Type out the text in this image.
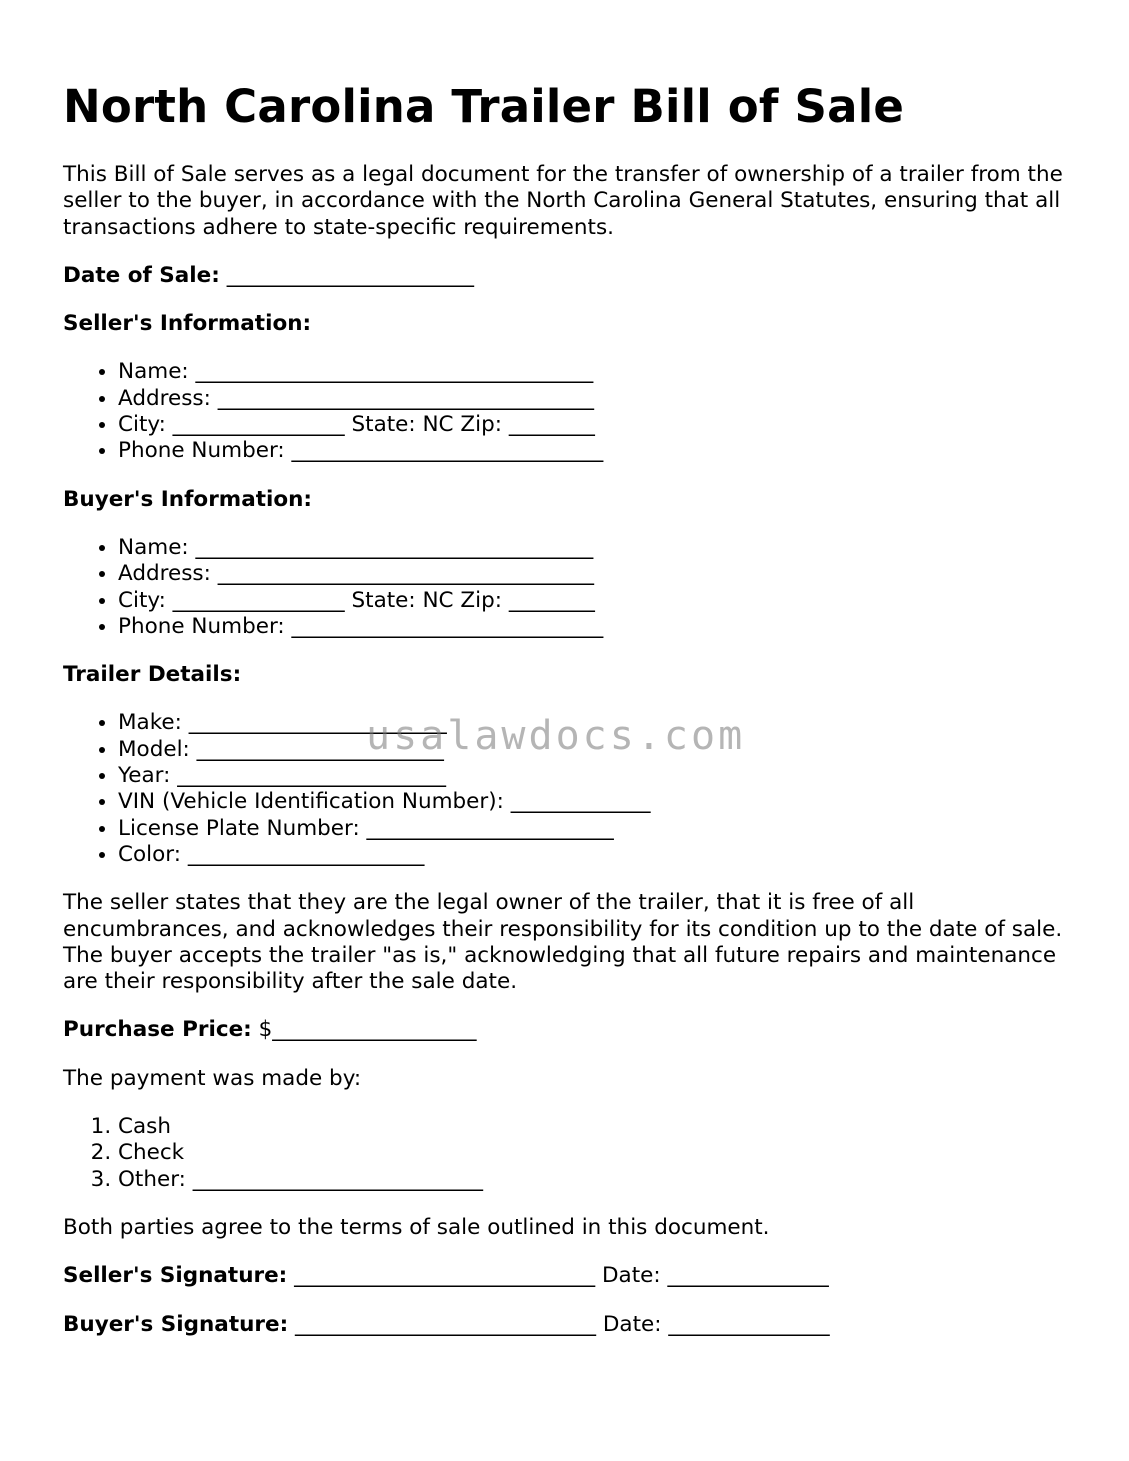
North Carolina Trailer Bill of Sale

This Bill of Sale serves as a legal document for the transfer of ownership of a trailer from the seller to the buyer, in accordance with the North Carolina General Statutes, ensuring that all transactions adhere to state-specific requirements.

Date of Sale: _______________________

Seller's Information:

• Name: _____________________________________
• Address: ___________________________________
• City: ________________ State: NC Zip: ________
• Phone Number: _____________________________

Buyer's Information:

• Name: _____________________________________
• Address: ___________________________________
• City: ________________ State: NC Zip: ________
• Phone Number: _____________________________

Trailer Details:

• Make: ________________________
• Model: _______________________
• Year: _________________________
• VIN (Vehicle Identification Number): _____________
• License Plate Number: _______________________
• Color: ______________________

The seller states that they are the legal owner of the trailer, that it is free of all encumbrances, and acknowledges their responsibility for its condition up to the date of sale. The buyer accepts the trailer "as is," acknowledging that all future repairs and maintenance are their responsibility after the sale date.

Purchase Price: $___________________

The payment was made by:

1. Cash
2. Check
3. Other: ___________________________

Both parties agree to the terms of sale outlined in this document.

Seller's Signature: ____________________________ Date: _______________

Buyer's Signature: ____________________________ Date: _______________

usalawdocs.com
